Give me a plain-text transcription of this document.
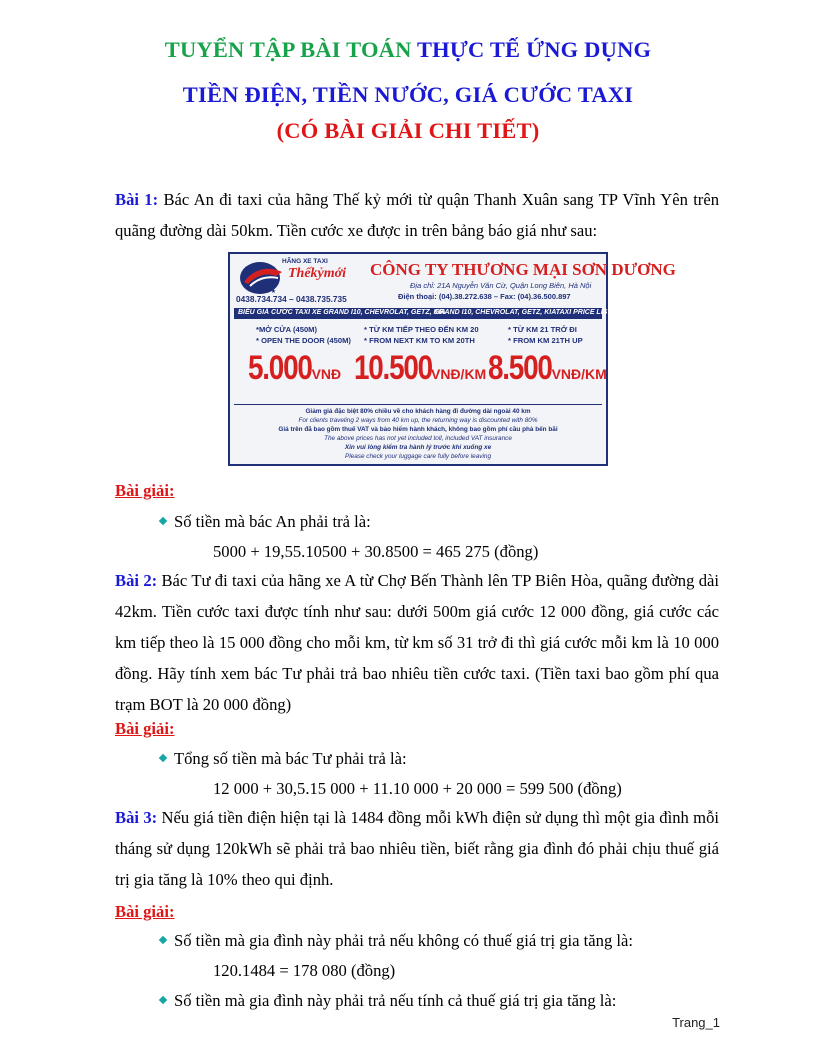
TUYỂN TẬP BÀI TOÁN THỰC TẾ ỨNG DỤNG
TIỀN ĐIỆN, TIỀN NƯỚC, GIÁ CƯỚC TAXI
(CÓ BÀI GIẢI CHI TIẾT)
Bài 1: Bác An đi taxi của hãng Thế kỷ mới từ quận Thanh Xuân sang TP Vĩnh Yên trên quãng đường dài 50km. Tiền cước xe được in trên bảng báo giá như sau:
HÃNG XE TAXI
Thếkỷmới
★★★
0438.734.734 – 0438.735.735
CÔNG TY THƯƠNG MẠI SƠN DƯƠNG
Địa chỉ: 21A Nguyễn Văn Cừ, Quận Long Biên, Hà Nội
Điện thoại: (04).38.272.638 – Fax: (04).36.500.897
BIỂU GIÁ CƯỚC TAXI XE GRAND I10, CHEVROLAT, GETZ, KIA
GRAND I10, CHEVROLAT, GETZ, KIATAXI PRICE LIST
*MỞ CỬA (450M)
* OPEN THE DOOR (450M)
* TỪ KM TIẾP THEO ĐẾN KM 20
* FROM NEXT KM TO KM 20TH
* TỪ KM 21 TRỞ ĐI
* FROM KM 21TH UP
5.000VNĐ 10.500VNĐ/KM 8.500VNĐ/KM
Giảm giá đặc biệt 80% chiều về cho khách hàng đi đường dài ngoài 40 km
For clients traveling 2 ways from 40 km up, the returning way is discounted with 80%
Giá trên đã bao gồm thuế VAT và bảo hiểm hành khách, không bao gồm phí cầu phà bến bãi
The above prices has not yet included toll, included VAT insurance
Xin vui lòng kiểm tra hành lý trước khi xuống xe
Please check your luggage care fully before leaving
Bài giải:
Số tiền mà bác An phải trả là:
5000 + 19,55.10500 + 30.8500 = 465 275 (đồng)
Bài 2: Bác Tư đi taxi của hãng xe A từ Chợ Bến Thành lên TP Biên Hòa, quãng đường dài 42km. Tiền cước taxi được tính như sau: dưới 500m giá cước 12 000 đồng, giá cước các km tiếp theo là 15 000 đồng cho mỗi km, từ km số 31 trở đi thì giá cước mỗi km là 10 000 đồng. Hãy tính xem bác Tư phải trả bao nhiêu tiền cước taxi. (Tiền taxi bao gồm phí qua trạm BOT là 20 000 đồng)
Bài giải:
Tổng số tiền mà bác Tư phải trả là:
12 000 + 30,5.15 000 + 11.10 000 + 20 000 = 599 500 (đồng)
Bài 3: Nếu giá tiền điện hiện tại là 1484 đồng mỗi kWh điện sử dụng thì một gia đình mỗi tháng sử dụng 120kWh sẽ phải trả bao nhiêu tiền, biết rằng gia đình đó phải chịu thuế giá trị gia tăng là 10% theo qui định.
Bài giải:
Số tiền mà gia đình này phải trả nếu không có thuế giá trị gia tăng là:
120.1484 = 178 080 (đồng)
Số tiền mà gia đình này phải trả nếu tính cả thuế giá trị gia tăng là:
Trang_1
